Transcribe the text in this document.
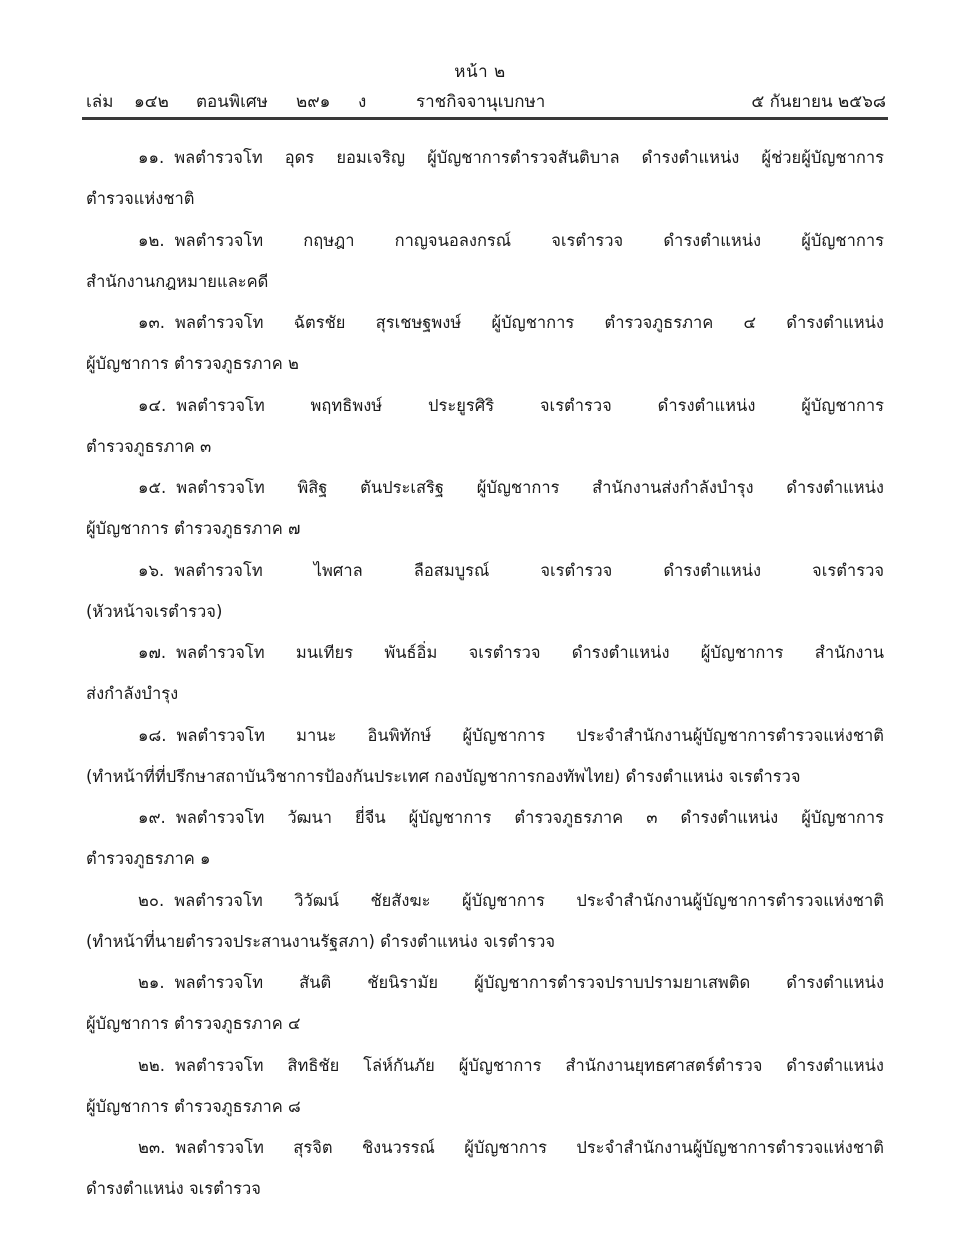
หน้า ๒
เล่ม ๑๔๒ ตอนพิเศษ ๒๙๑ ง	ราชกิจจานุเบกษา	๕ กันยายน ๒๕๖๘
๑๑. พลตำรวจโท อุดร ยอมเจริญ ผู้บัญชาการตำรวจสันติบาล ดำรงตำแหน่ง ผู้ช่วยผู้บัญชาการ
ตำรวจแห่งชาติ
๑๒. พลตำรวจโท กฤษฎา กาญจนอลงกรณ์ จเรตำรวจ ดำรงตำแหน่ง ผู้บัญชาการ
สำนักงานกฎหมายและคดี
๑๓. พลตำรวจโท ฉัตรชัย สุรเชษฐพงษ์ ผู้บัญชาการ ตำรวจภูธรภาค ๔ ดำรงตำแหน่ง
ผู้บัญชาการ ตำรวจภูธรภาค ๒
๑๔. พลตำรวจโท พฤทธิพงษ์ ประยูรศิริ จเรตำรวจ ดำรงตำแหน่ง ผู้บัญชาการ
ตำรวจภูธรภาค ๓
๑๕. พลตำรวจโท พิสิฐ ตันประเสริฐ ผู้บัญชาการ สำนักงานส่งกำลังบำรุง ดำรงตำแหน่ง
ผู้บัญชาการ ตำรวจภูธรภาค ๗
๑๖. พลตำรวจโท ไพศาล ลือสมบูรณ์ จเรตำรวจ ดำรงตำแหน่ง จเรตำรวจ
(หัวหน้าจเรตำรวจ)
๑๗. พลตำรวจโท มนเทียร พันธ์อิ่ม จเรตำรวจ ดำรงตำแหน่ง ผู้บัญชาการ สำนักงาน
ส่งกำลังบำรุง
๑๘. พลตำรวจโท มานะ อินพิทักษ์ ผู้บัญชาการ ประจำสำนักงานผู้บัญชาการตำรวจแห่งชาติ
(ทำหน้าที่ที่ปรึกษาสถาบันวิชาการป้องกันประเทศ กองบัญชาการกองทัพไทย) ดำรงตำแหน่ง จเรตำรวจ
๑๙. พลตำรวจโท วัฒนา ยี่จีน ผู้บัญชาการ ตำรวจภูธรภาค ๓ ดำรงตำแหน่ง ผู้บัญชาการ
ตำรวจภูธรภาค ๑
๒๐. พลตำรวจโท วิวัฒน์ ชัยสังฆะ ผู้บัญชาการ ประจำสำนักงานผู้บัญชาการตำรวจแห่งชาติ
(ทำหน้าที่นายตำรวจประสานงานรัฐสภา) ดำรงตำแหน่ง จเรตำรวจ
๒๑. พลตำรวจโท สันติ ชัยนิรามัย ผู้บัญชาการตำรวจปราบปรามยาเสพติด ดำรงตำแหน่ง
ผู้บัญชาการ ตำรวจภูธรภาค ๔
๒๒. พลตำรวจโท สิทธิชัย โล่ห์กันภัย ผู้บัญชาการ สำนักงานยุทธศาสตร์ตำรวจ ดำรงตำแหน่ง
ผู้บัญชาการ ตำรวจภูธรภาค ๘
๒๓. พลตำรวจโท สุรจิต ชิงนวรรณ์ ผู้บัญชาการ ประจำสำนักงานผู้บัญชาการตำรวจแห่งชาติ
ดำรงตำแหน่ง จเรตำรวจ
